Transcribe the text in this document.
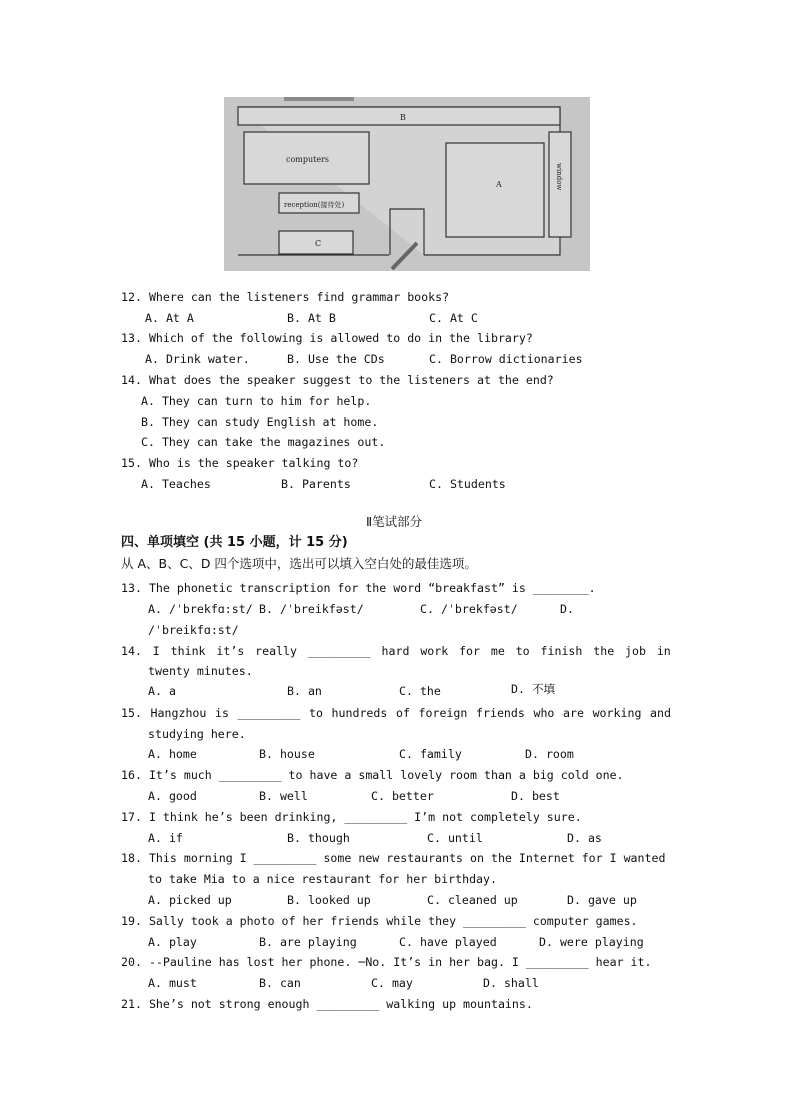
B
computers
reception(接待处)
C
A	window
12. Where can the listeners find grammar books?
A. At A	B. At B	C. At C
13. Which of the following is allowed to do in the library?
A. Drink water.	B. Use the CDs	C. Borrow dictionaries
14. What does the speaker suggest to the listeners at the end?
A. They can turn to him for help.
B. They can study English at home.
C. They can take the magazines out.
15. Who is the speaker talking to?
A. Teaches	B. Parents	C. Students
Ⅱ笔试部分
四、单项填空 (共 15 小题，计 15 分)
从 A、B、C、D 四个选项中，选出可以填入空白处的最佳选项。
13. The phonetic transcription for the word “breakfast” is ________.
A. /ˈbrekfɑ:st/ B. /ˈbreikfəst/	C. /ˈbrekfəst/	D.
/ˈbreikfɑ:st/
14. I think it’s really _________ hard work for me to finish the job in
twenty minutes.
A. a	B. an	C. the	D. 不填
15. Hangzhou is _________ to hundreds of foreign friends who are working and
studying here.
A. home	B. house	C. family	D. room
16. It’s much _________ to have a small lovely room than a big cold one.
A. good	B. well	C. better	D. best
17. I think he’s been drinking, _________ I’m not completely sure.
A. if	B. though	C. until	D. as
18. This morning I _________ some new restaurants on the Internet for I wanted
to take Mia to a nice restaurant for her birthday.
A. picked up	B. looked up	C. cleaned up	D. gave up
19. Sally took a photo of her friends while they _________ computer games.
A. play	B. are playing	C. have played	D. were playing
20. --Pauline has lost her phone. ─No. It’s in her bag. I _________ hear it.
A. must	B. can	C. may	D. shall
21. She’s not strong enough _________ walking up mountains.
